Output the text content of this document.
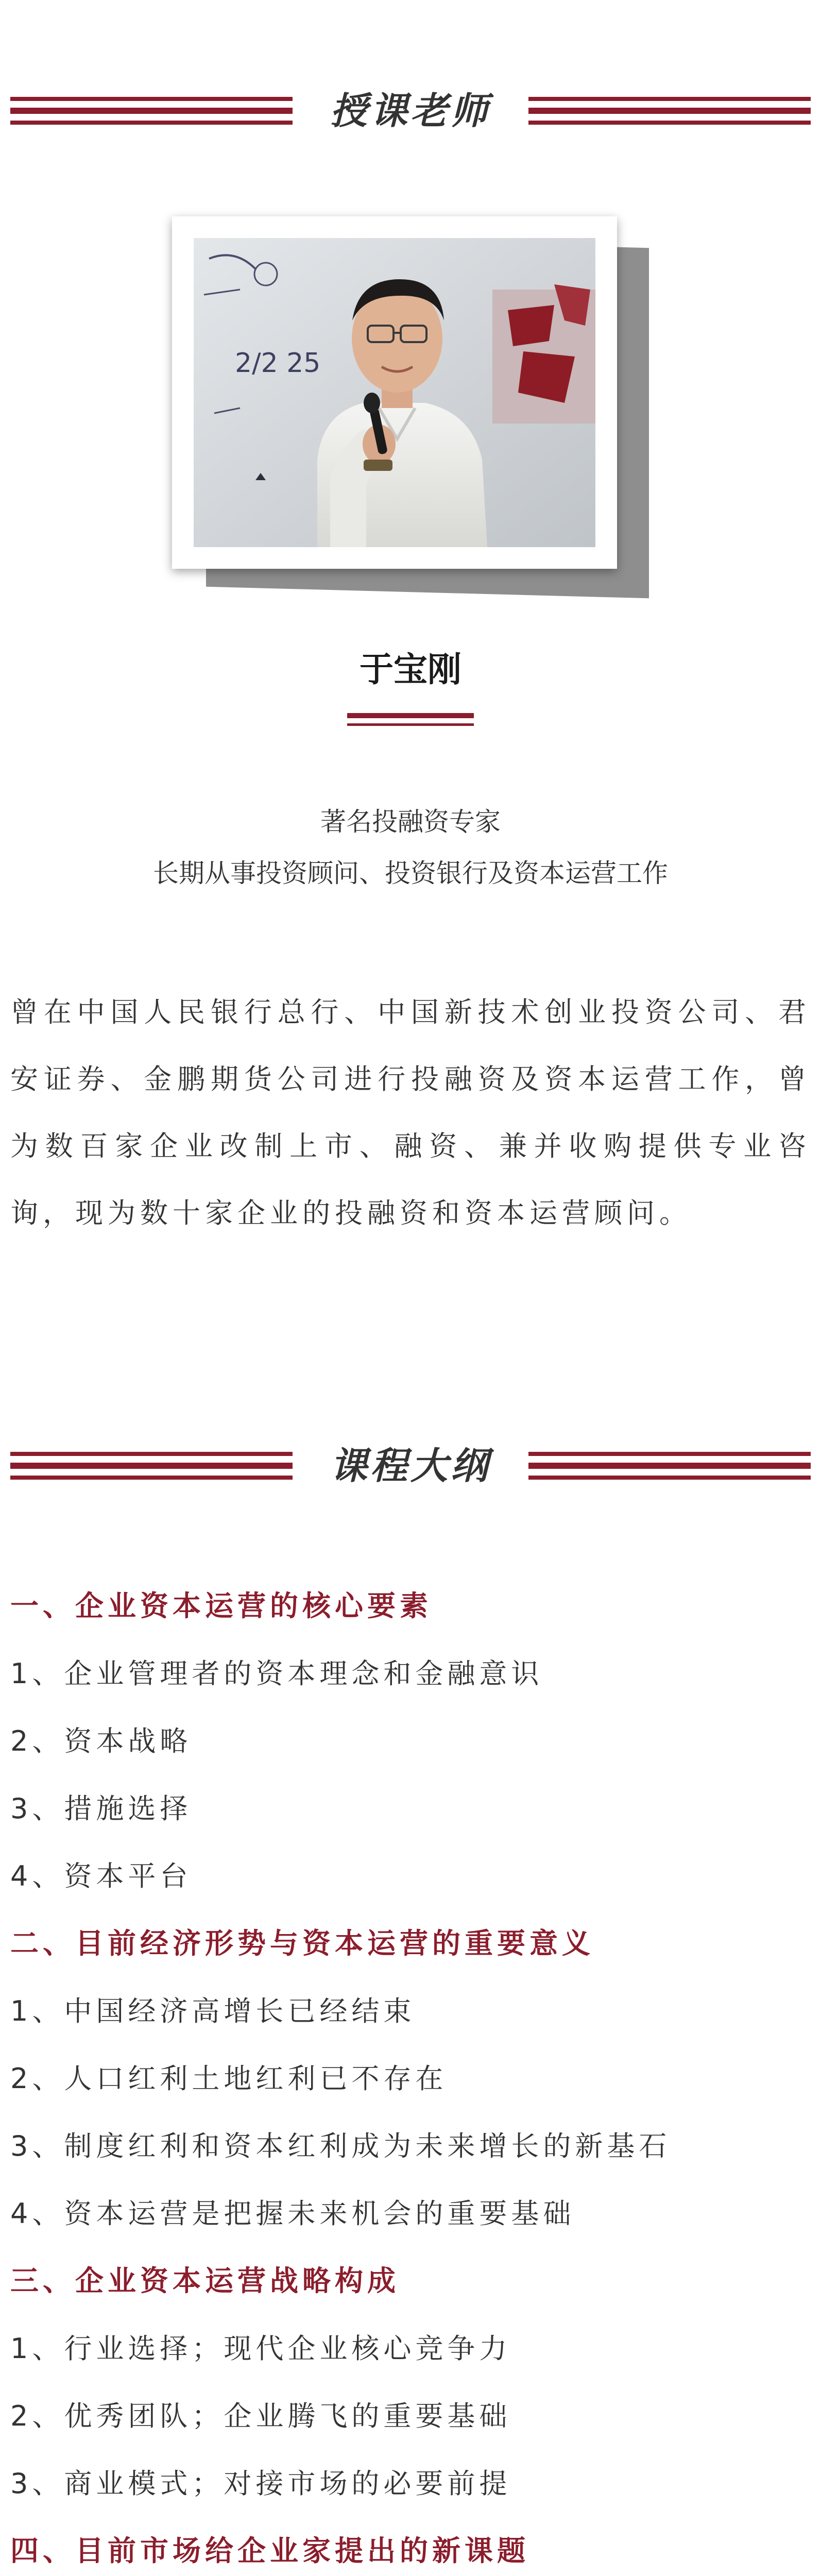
授课老师
2/2 25
于宝刚
著名投融资专家
长期从事投资顾问、投资银行及资本运营工作
曾在中国人民银行总行、中国新技术创业投资公司、君安证券、金鹏期货公司进行投融资及资本运营工作，曾为数百家企业改制上市、融资、兼并收购提供专业咨询，现为数十家企业的投融资和资本运营顾问。
课程大纲
一、企业资本运营的核心要素
1、企业管理者的资本理念和金融意识
2、资本战略
3、措施选择
4、资本平台
二、目前经济形势与资本运营的重要意义
1、中国经济高增长已经结束
2、人口红利土地红利已不存在
3、制度红利和资本红利成为未来增长的新基石
4、资本运营是把握未来机会的重要基础
三、企业资本运营战略构成
1、行业选择；现代企业核心竞争力
2、优秀团队；企业腾飞的重要基础
3、商业模式；对接市场的必要前提
四、目前市场给企业家提出的新课题
